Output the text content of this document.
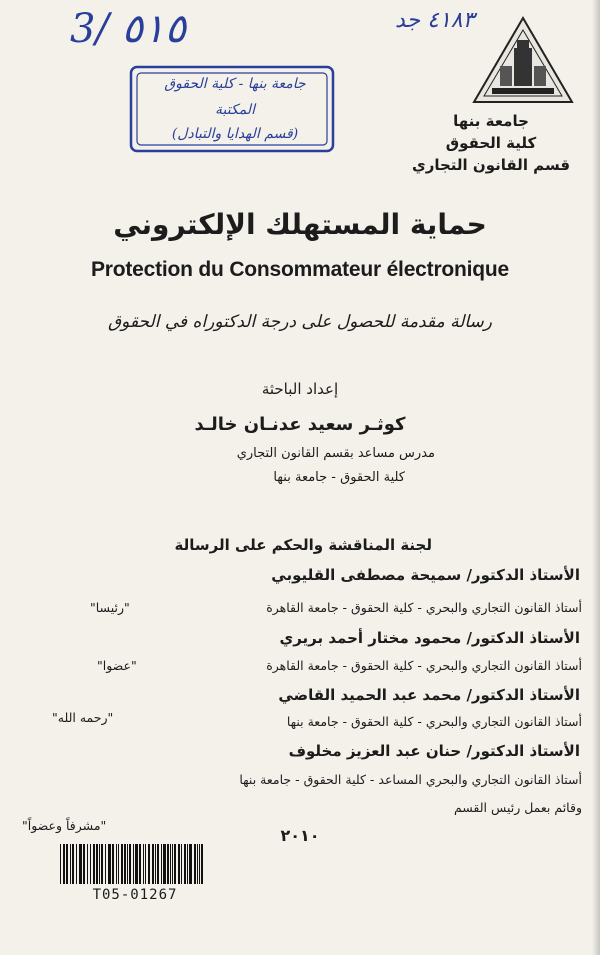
3/ ٥١٥	٤١٨٣ جد
جامعة بنها - كلية الحقوق
المكتبة
(قسم الهدايا والتبادل)
جامعة بنها
كلية الحقوق
قسم القانون التجاري
حماية المستهلك الإلكتروني
Protection du Consommateur électronique
رسالة مقدمة للحصول على درجة الدكتوراه في الحقوق
إعداد الباحثة
كوثـر سعيد عدنـان خالـد
مدرس مساعد بقسم القانون التجاري
كلية الحقوق - جامعة بنها
لجنة المناقشة والحكم على الرسالة
الأستاذ الدكتور/ سميحة مصطفى القليوبي
أستاذ القانون التجاري والبحري - كلية الحقوق - جامعة القاهرة
"رئيسا"
الأستاذ الدكتور/ محمود مختار أحمد بريري
أستاذ القانون التجاري والبحري - كلية الحقوق - جامعة القاهرة
"عضوا"
الأستاذ الدكتور/ محمد عبد الحميد القاضي
أستاذ القانون التجاري والبحري - كلية الحقوق - جامعة بنها
"رحمه الله"
الأستاذ الدكتور/ حنان عبد العزيز مخلوف
أستاذ القانون التجاري والبحري المساعد - كلية الحقوق - جامعة بنها
وقائم بعمل رئيس القسم
"مشرفاً وعضواً"
٢٠١٠
T05-01267
